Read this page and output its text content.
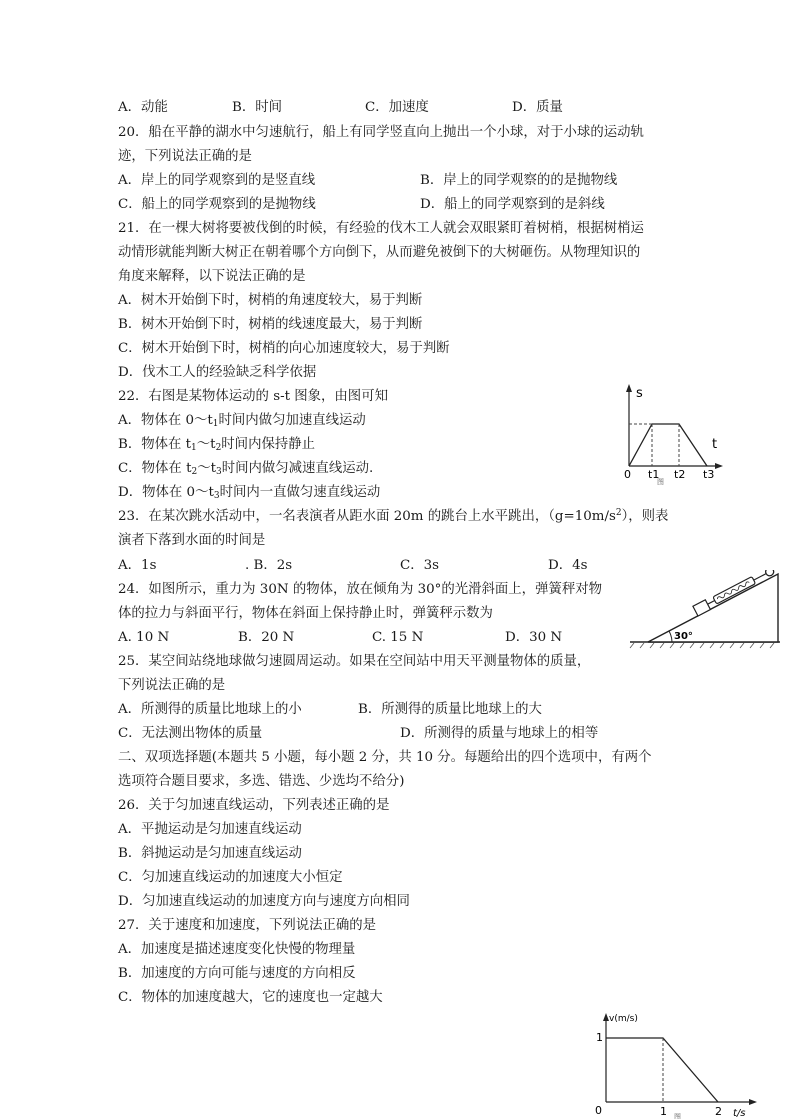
A．动能	B．时间	C．加速度	D．质量
20．船在平静的湖水中匀速航行，船上有同学竖直向上抛出一个小球，对于小球的运动轨
迹，下列说法正确的是
A．岸上的同学观察到的是竖直线	B．岸上的同学观察的的是抛物线
C．船上的同学观察到的是抛物线	D．船上的同学观察到的是斜线
21．在一棵大树将要被伐倒的时候，有经验的伐木工人就会双眼紧盯着树梢，根据树梢运
动情形就能判断大树正在朝着哪个方向倒下，从而避免被倒下的大树砸伤。从物理知识的
角度来解释，以下说法正确的是
A．树木开始倒下时，树梢的角速度较大，易于判断
B．树木开始倒下时，树梢的线速度最大，易于判断
C．树木开始倒下时，树梢的向心加速度较大，易于判断
D．伐木工人的经验缺乏科学依据
22．右图是某物体运动的 s-t 图象，由图可知
A．物体在 $0\sim t_1$时间内做匀加速直线运动
B．物体在 $t_1\sim t_2$时间内保持静止
C．物体在 $t_2\sim t_3$时间内做匀减速直线运动.
D．物体在 $0\sim t_3$时间内一直做匀速直线运动
s
t
0 t1 t2 t3
图
23．在某次跳水活动中，一名表演者从距水面 20m 的跳台上水平跳出，$(g=10m/s^2)$，则表
演者下落到水面的时间是
A．1s	. B．2s	C．3s	D．4s
24．如图所示，重力为 30N 的物体，放在倾角为 30°的光滑斜面上，弹簧秤对物
体的拉力与斜面平行，物体在斜面上保持静止时，弹簧秤示数为
A. 10 N	B．20 N	C. 15 N	D．30 N	30°
25．某空间站绕地球做匀速圆周运动。如果在空间站中用天平测量物体的质量，
下列说法正确的是
A．所测得的质量比地球上的小	B．所测得的质量比地球上的大
C．无法测出物体的质量	D．所测得的质量与地球上的相等
二、双项选择题(本题共 5 小题，每小题 2 分，共 10 分。每题给出的四个选项中，有两个
选项符合题目要求，多选、错选、少选均不给分)
26．关于匀加速直线运动，下列表述正确的是
A．平抛运动是匀加速直线运动
B．斜抛运动是匀加速直线运动
C．匀加速直线运动的加速度大小恒定
D．匀加速直线运动的加速度方向与速度方向相同
27．关于速度和加速度，下列说法正确的是
A．加速度是描述速度变化快慢的物理量
B．加速度的方向可能与速度的方向相反
C．物体的加速度越大，它的速度也一定越大
v(m/s)
t/s
0
1
1	2
图
